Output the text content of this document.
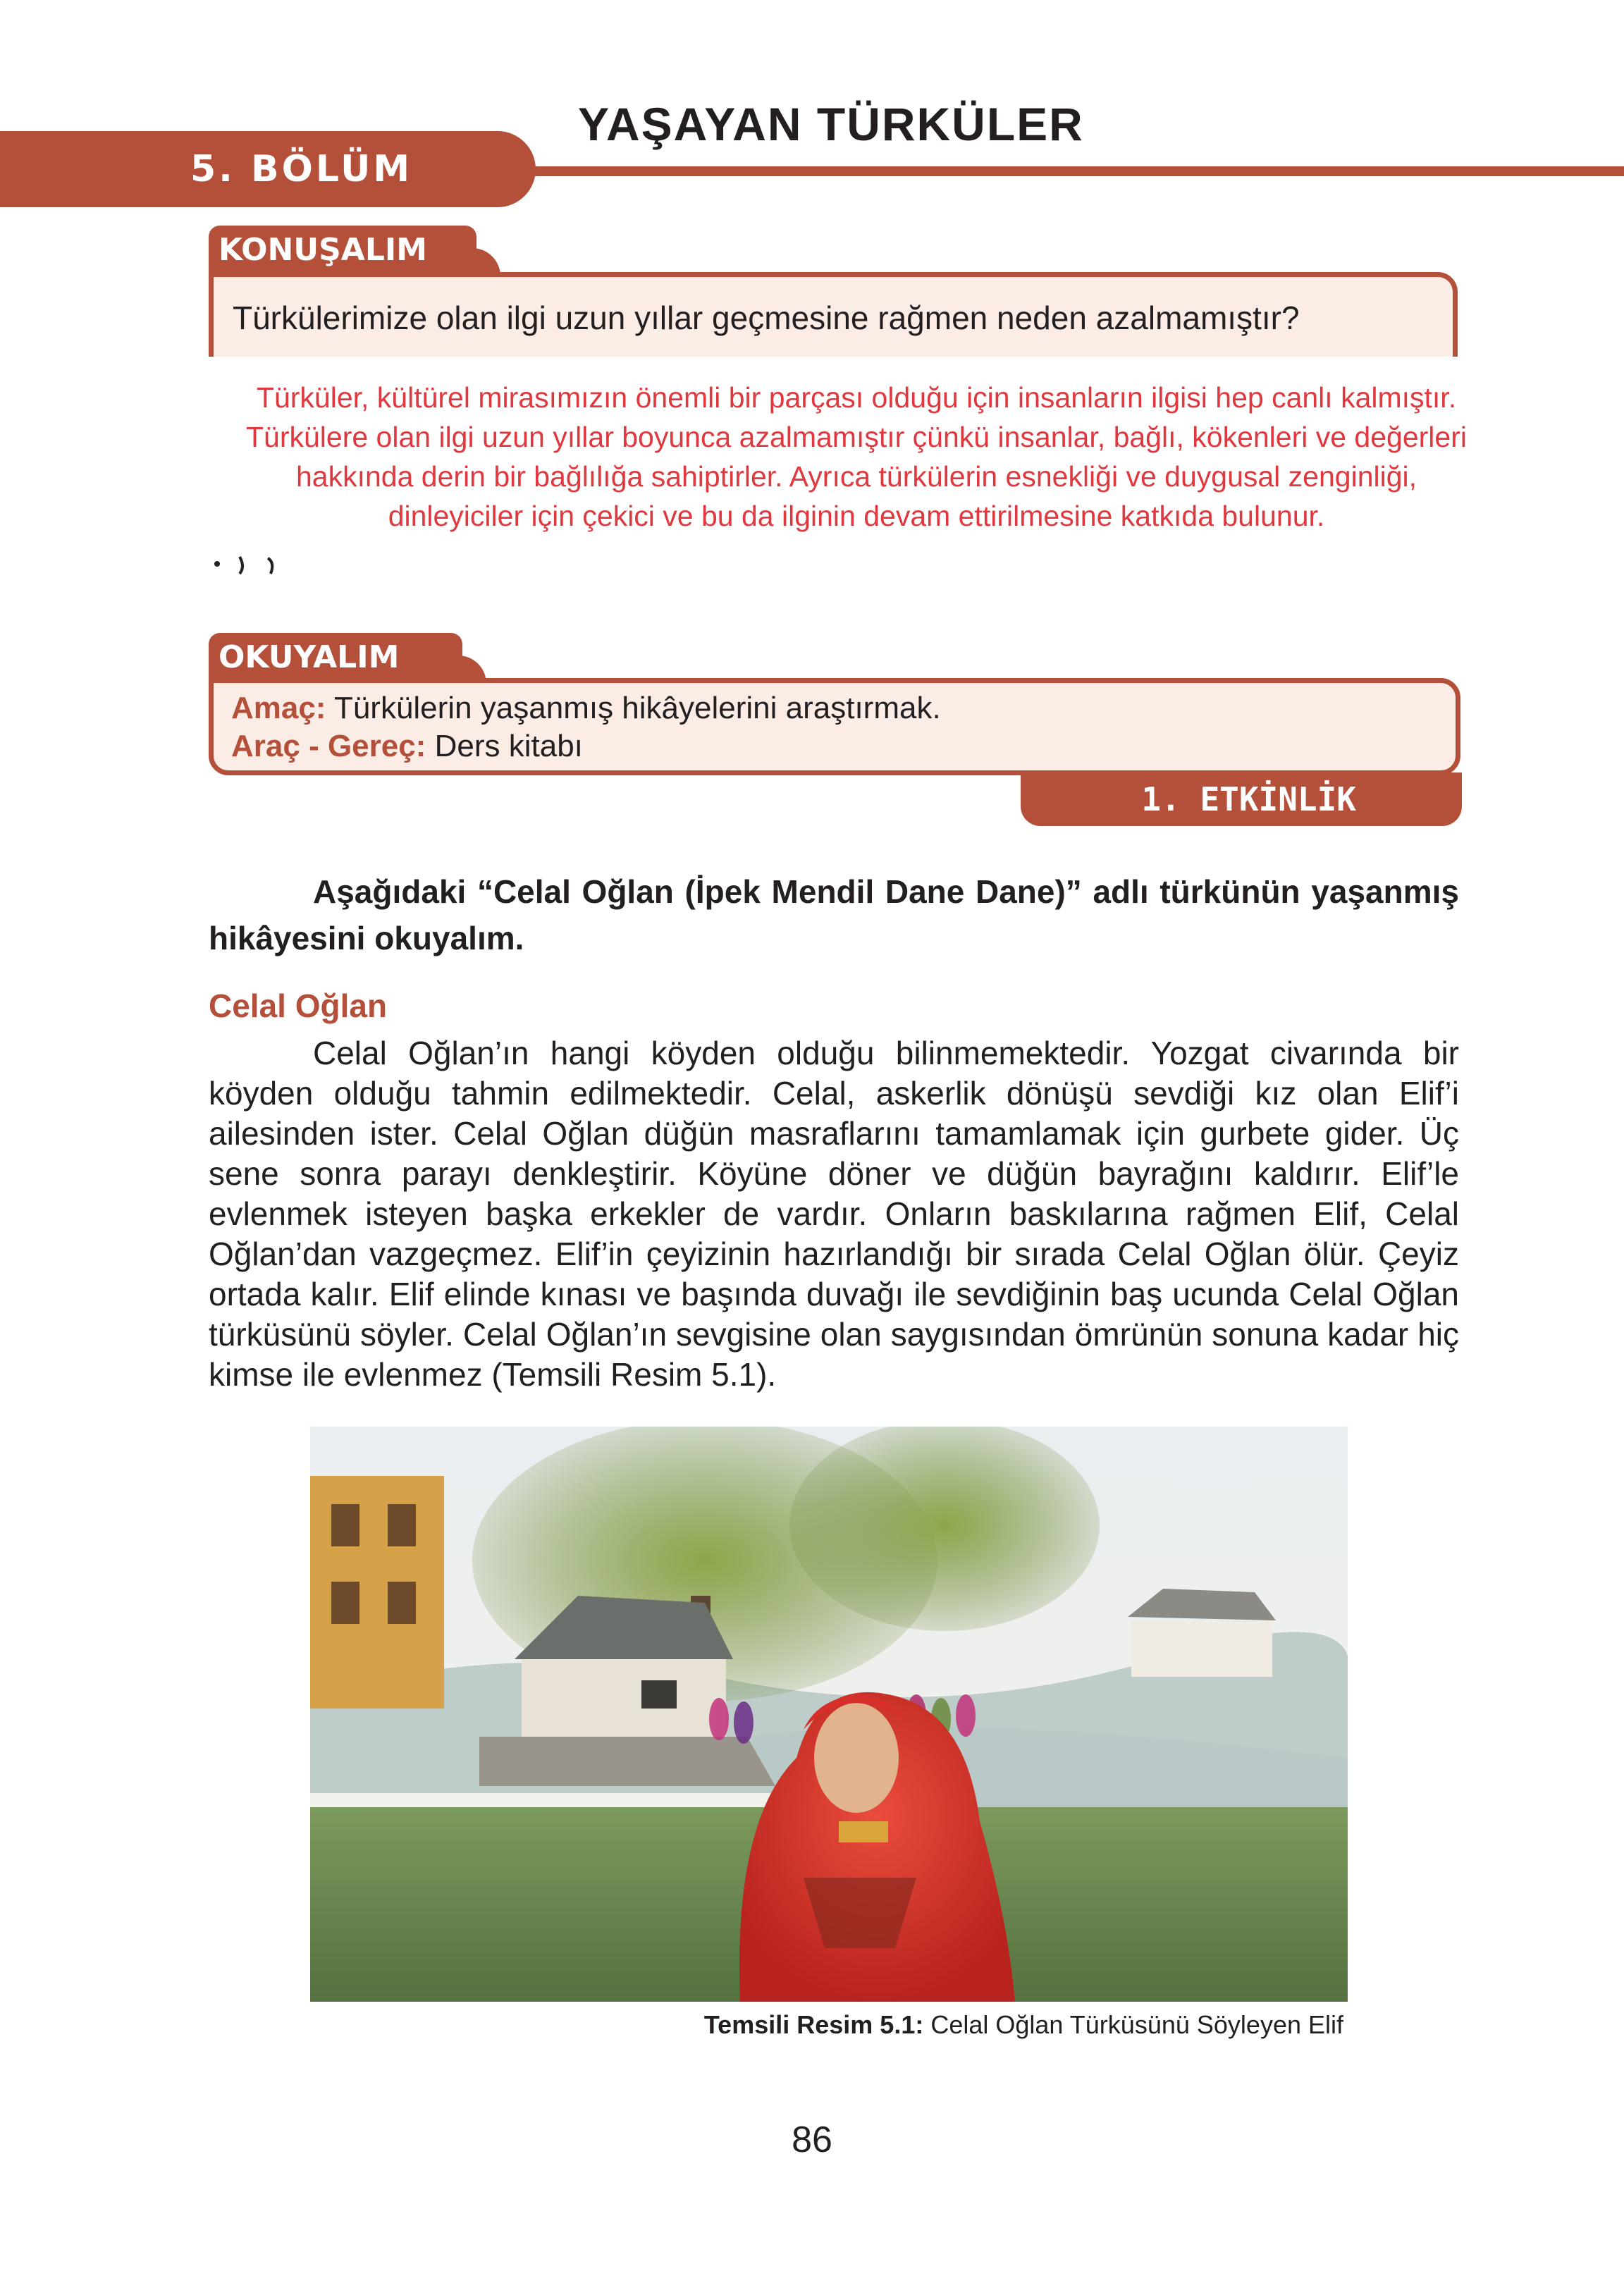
5. BÖLÜM
YAŞAYAN TÜRKÜLER
KONUŞALIM
Türkülerimize olan ilgi uzun yıllar geçmesine rağmen neden azalmamıştır?

Türküler, kültürel mirasımızın önemli bir parçası olduğu için insanların ilgisi hep canlı kalmıştır.

Türkülere olan ilgi uzun yıllar boyunca azalmamıştır çünkü insanlar, bağlı, kökenleri ve değerleri

hakkında derin bir bağlılığa sahiptirler. Ayrıca türkülerin esnekliği ve duygusal zenginliği,

dinleyiciler için çekici ve bu da ilginin devam ettirilmesine katkıda bulunur.

OKUYALIM
Amaç: Türkülerin yaşanmış hikâyelerini araştırmak.
Araç - Gereç: Ders kitabı
1. ETKİNLİK

Aşağıdaki “Celal Oğlan (İpek Mendil Dane Dane)” adlı türkünün yaşanmış hikâyesini okuyalım.

Celal Oğlan

Celal Oğlan’ın hangi köyden olduğu bilinmemektedir. Yozgat civarında bir köyden olduğu tahmin edilmektedir. Celal, askerlik dönüşü sevdiği kız olan Elif’i ailesinden ister. Celal Oğlan düğün masraflarını tamamlamak için gurbete gider. Üç sene sonra parayı denkleştirir. Köyüne döner ve düğün bayrağını kaldırır. Elif’le evlenmek isteyen başka erkekler de vardır. Onların baskılarına rağmen Elif, Celal Oğlan’dan vazgeçmez. Elif’in çeyizinin hazırlandığı bir sırada Celal Oğlan ölür. Çeyiz ortada kalır. Elif elinde kınası ve başında duvağı ile sevdiğinin baş ucunda Celal Oğlan türküsünü söyler. Celal Oğlan’ın sevgisine olan saygısından ömrünün sonuna kadar hiç kimse ile evlenmez (Temsili Resim 5.1).

Temsili Resim 5.1: Celal Oğlan Türküsünü Söyleyen Elif
86
